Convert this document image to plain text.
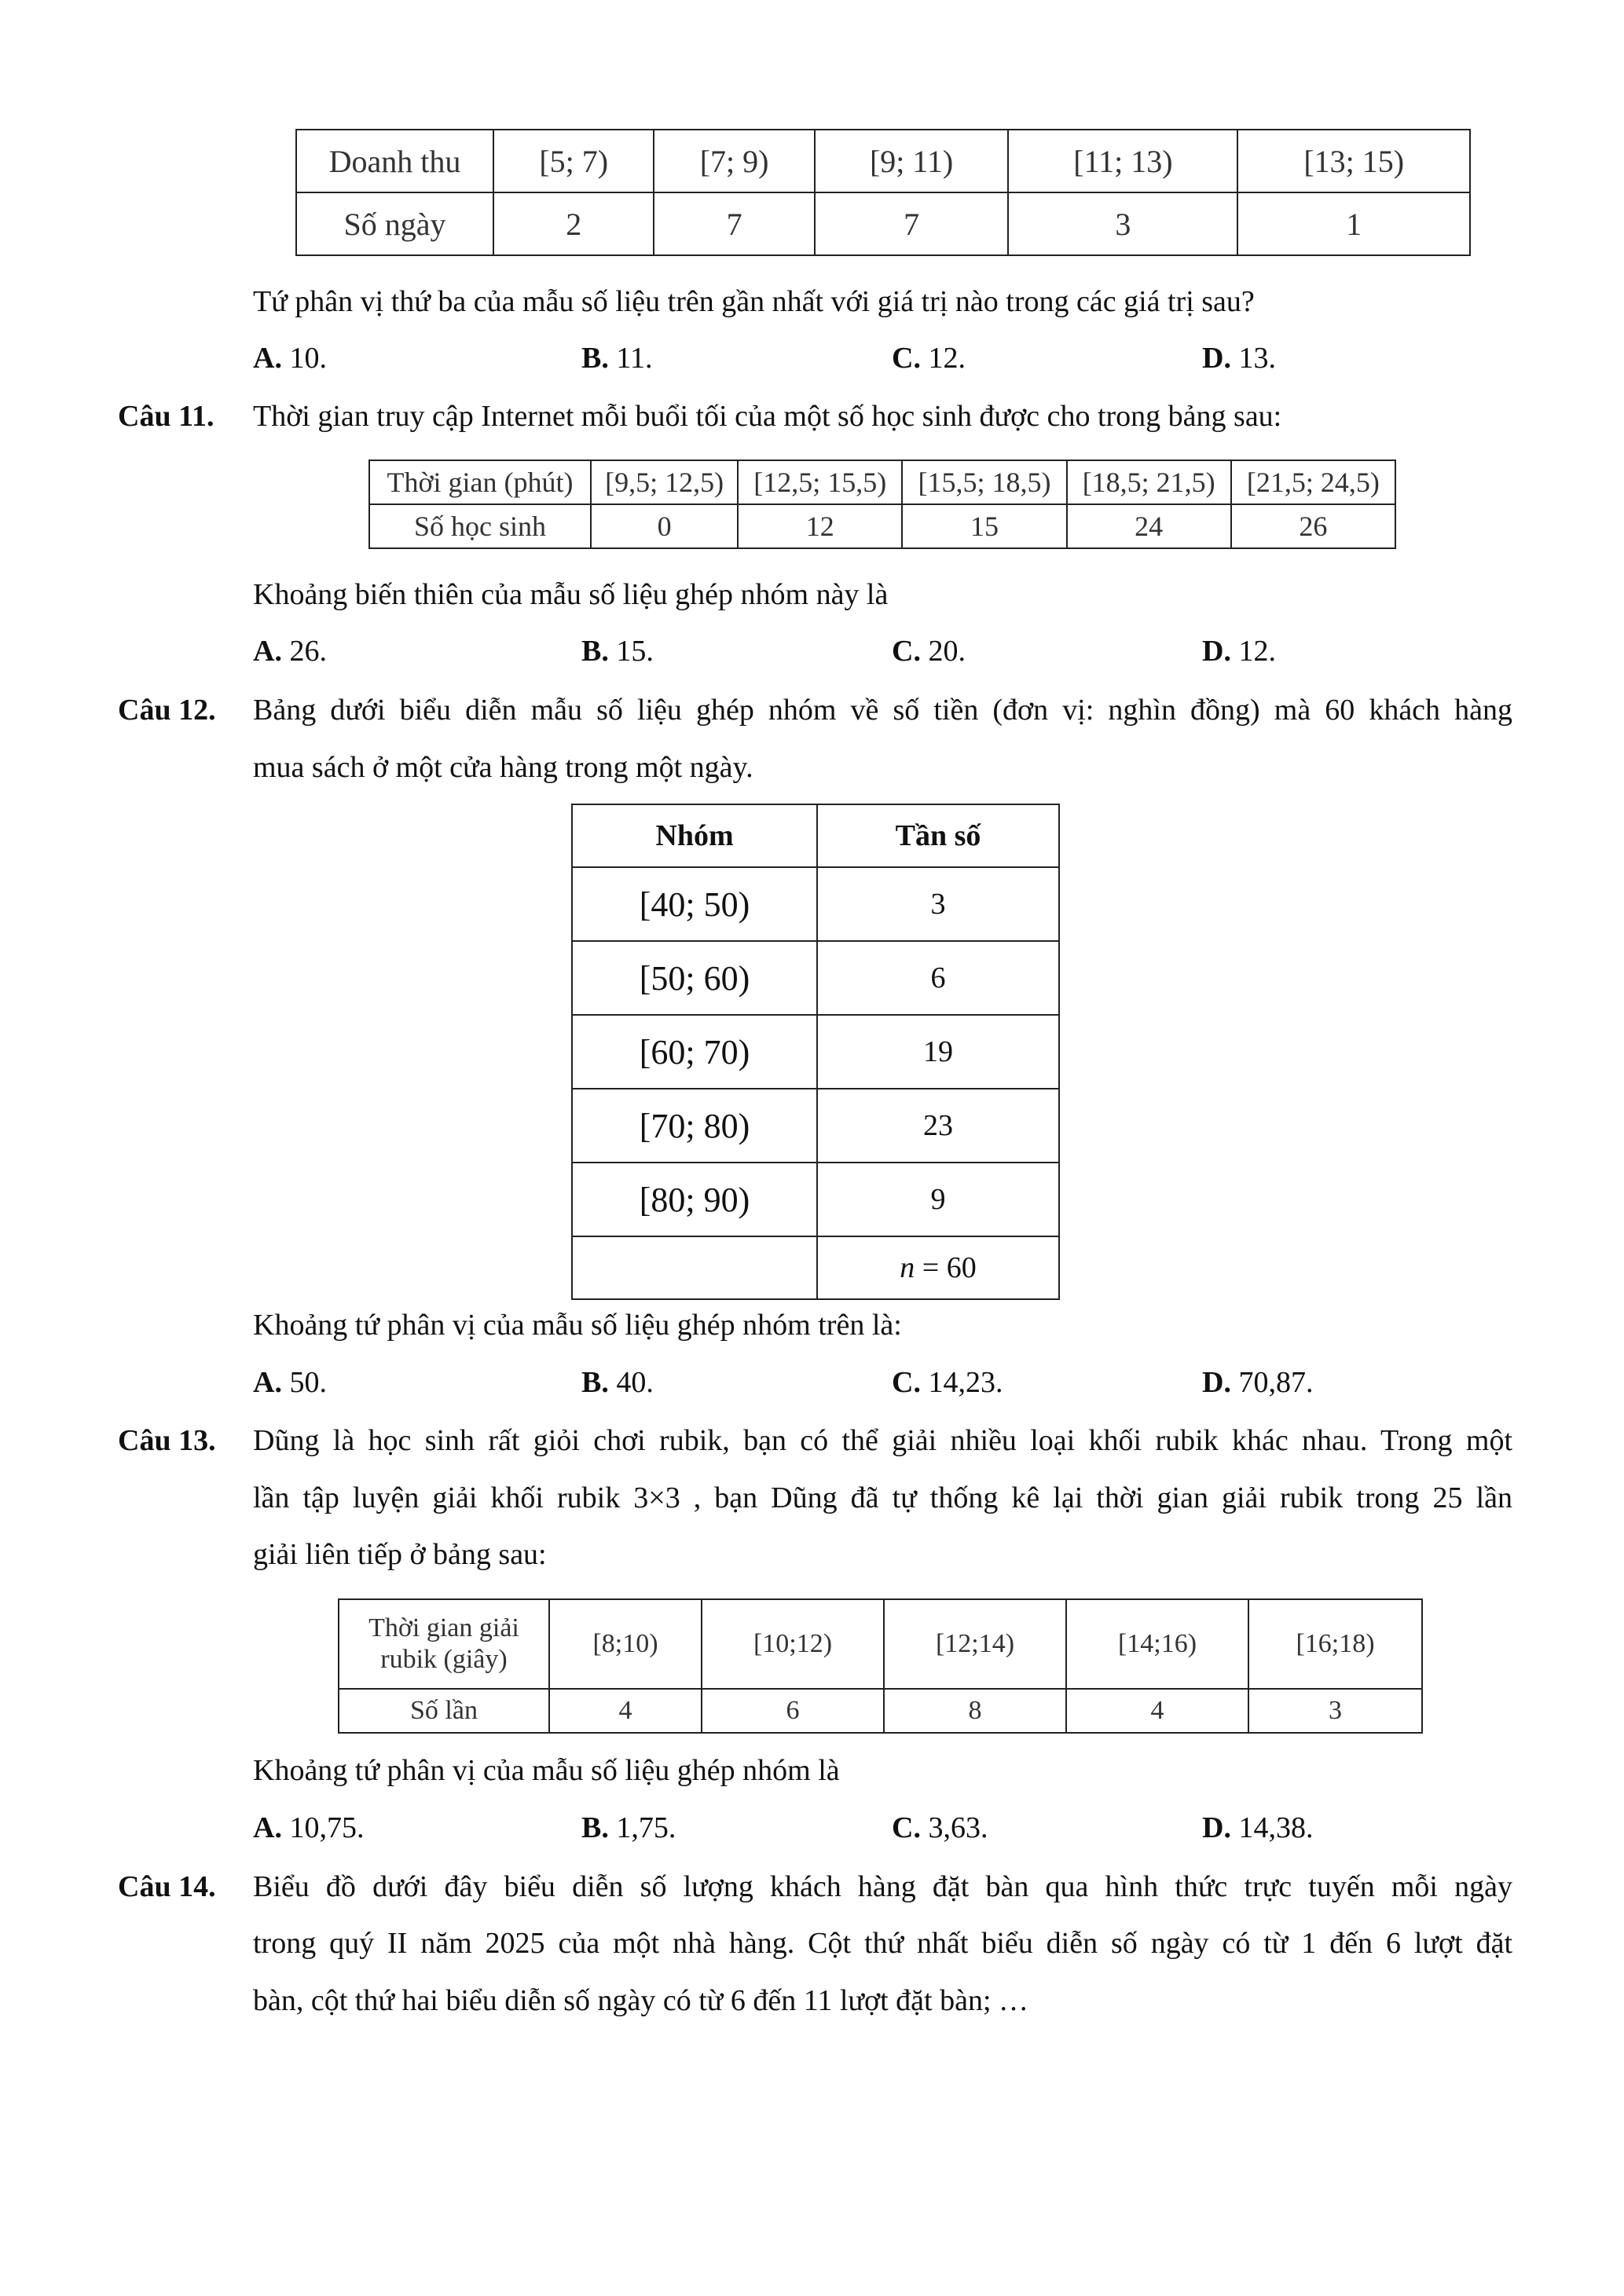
Doanh thu	[5; 7)	[7; 9)	[9; 11)	[11; 13)	[13; 15)
Số ngày	2	7	7	3	1
Tứ phân vị thứ ba của mẫu số liệu trên gần nhất với giá trị nào trong các giá trị sau?
A. 10.	B. 11.	C. 12.	D. 13.
Câu 11. Thời gian truy cập Internet mỗi buổi tối của một số học sinh được cho trong bảng sau:
Thời gian (phút)	[9,5; 12,5)	[12,5; 15,5)	[15,5; 18,5)	[18,5; 21,5)	[21,5; 24,5)
Số học sinh	0	12	15	24	26
Khoảng biến thiên của mẫu số liệu ghép nhóm này là
A. 26.	B. 15.	C. 20.	D. 12.
Câu 12. Bảng dưới biểu diễn mẫu số liệu ghép nhóm về số tiền (đơn vị: nghìn đồng) mà 60 khách hàng
mua sách ở một cửa hàng trong một ngày.
Nhóm	Tần số
[40; 50)	3
[50; 60)	6
[60; 70)	19
[70; 80)	23
[80; 90)	9
	n = 60
Khoảng tứ phân vị của mẫu số liệu ghép nhóm trên là:
A. 50.	B. 40.	C. 14,23.	D. 70,87.
Câu 13. Dũng là học sinh rất giỏi chơi rubik, bạn có thể giải nhiều loại khối rubik khác nhau. Trong một
lần tập luyện giải khối rubik 3×3 , bạn Dũng đã tự thống kê lại thời gian giải rubik trong 25 lần
giải liên tiếp ở bảng sau:
Thời gian giải
rubik (giây)	[8;10)	[10;12)	[12;14)	[14;16)	[16;18)
Số lần	4	6	8	4	3
Khoảng tứ phân vị của mẫu số liệu ghép nhóm là
A. 10,75.	B. 1,75.	C. 3,63.	D. 14,38.
Câu 14. Biểu đồ dưới đây biểu diễn số lượng khách hàng đặt bàn qua hình thức trực tuyến mỗi ngày
trong quý II năm 2025 của một nhà hàng. Cột thứ nhất biểu diễn số ngày có từ 1 đến 6 lượt đặt
bàn, cột thứ hai biểu diễn số ngày có từ 6 đến 11 lượt đặt bàn; …
